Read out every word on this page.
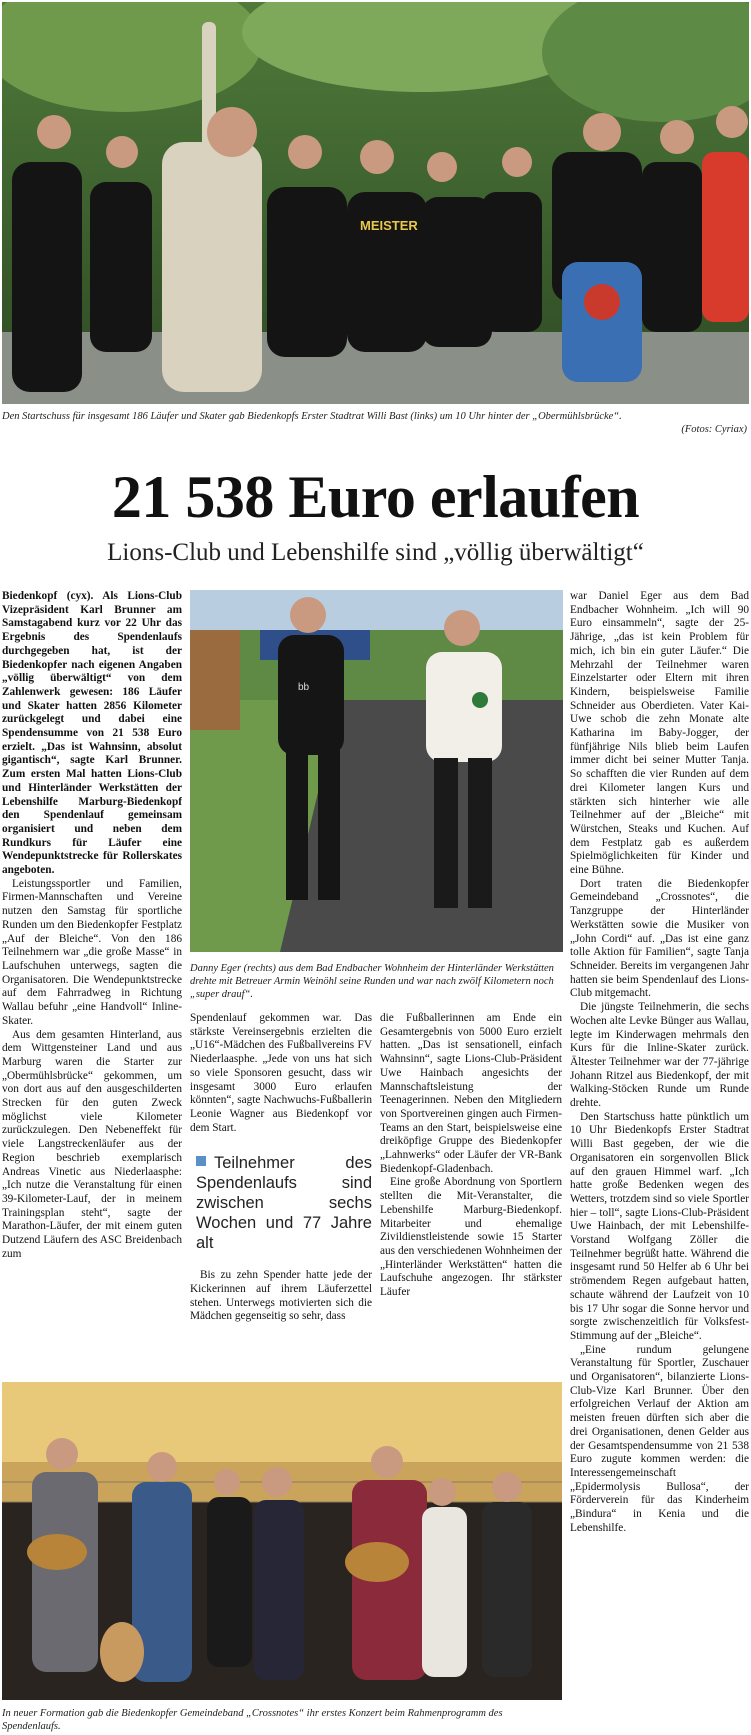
MEISTER
Den Startschuss für insgesamt 186 Läufer und Skater gab Biedenkopfs Erster Stadtrat Willi Bast (links) um 10 Uhr hinter der „Obermühlsbrücke“.
(Fotos: Cyriax)
21 538 Euro erlaufen
Lions-Club und Lebenshilfe sind „völlig überwältigt“

Biedenkopf (cyx). Als Lions-Club Vizepräsident Karl Brunner am Samstagabend kurz vor 22 Uhr das Ergebnis des Spendenlaufs durchgegeben hat, ist der Biedenkopfer nach eigenen Angaben „völlig überwältigt“ von dem Zahlenwerk gewesen: 186 Läufer und Skater hatten 2856 Kilometer zurückgelegt und dabei eine Spendensumme von 21 538 Euro erzielt. „Das ist Wahnsinn, absolut gigantisch“, sagte Karl Brunner. Zum ersten Mal hatten Lions-Club und Hinterländer Werkstätten der Lebenshilfe Marburg-Biedenkopf den Spendenlauf gemeinsam organisiert und neben dem Rundkurs für Läufer eine Wendepunktstrecke für Rollerskates angeboten.

Leistungssportler und Familien, Firmen-Mannschaften und Vereine nutzen den Samstag für sportliche Runden um den Biedenkopfer Festplatz „Auf der Bleiche“. Von den 186 Teilnehmern war „die große Masse“ in Laufschuhen unterwegs, sagten die Organisatoren. Die Wendepunktstrecke auf dem Fahrradweg in Richtung Wallau befuhr „eine Handvoll“ Inline-Skater.

Aus dem gesamten Hinterland, aus dem Wittgensteiner Land und aus Marburg waren die Starter zur „Obermühlsbrücke“ gekommen, um von dort aus auf den ausgeschilderten Strecken für den guten Zweck möglichst viele Kilometer zurückzulegen. Den Nebeneffekt für viele Langstreckenläufer aus der Region beschrieb exemplarisch Andreas Vinetic aus Niederlaasphe: „Ich nutze die Veranstaltung für einen 39-Kilometer-Lauf, der in meinem Trainingsplan steht“, sagte der Marathon-Läufer, der mit einem guten Dutzend Läufern des ASC Breidenbach zum

bb
Danny Eger (rechts) aus dem Bad Endbacher Wohnheim der Hinterländer Werkstätten drehte mit Betreuer Armin Weinöhl seine Runden und war nach zwölf Kilometern noch „super drauf“.

Spendenlauf gekommen war. Das stärkste Vereinsergebnis erzielten die „U16“-Mädchen des Fußballvereins FV Niederlaasphe. „Jede von uns hat sich so viele Sponsoren gesucht, dass wir insgesamt 3000 Euro erlaufen könnten“, sagte Nachwuchs-Fußballerin Leonie Wagner aus Biedenkopf vor dem Start.

Teilnehmer des Spendenlaufs sind zwischen sechs Wochen und 77 Jahre alt

Bis zu zehn Spender hatte jede der Kickerinnen auf ihrem Läuferzettel stehen. Unterwegs motivierten sich die Mädchen gegenseitig so sehr, dass

die Fußballerinnen am Ende ein Gesamtergebnis von 5000 Euro erzielt hatten. „Das ist sensationell, einfach Wahnsinn“, sagte Lions-Club-Präsident Uwe Hainbach angesichts der Mannschaftsleistung der Teenagerinnen. Neben den Mitgliedern von Sportvereinen gingen auch Firmen-Teams an den Start, beispielsweise eine dreiköpfige Gruppe des Biedenkopfer „Lahnwerks“ oder Läufer der VR-Bank Biedenkopf-Gladenbach.

Eine große Abordnung von Sportlern stellten die Mit-Veranstalter, die Lebenshilfe Marburg-Biedenkopf. Mitarbeiter und ehemalige Zivildienstleistende sowie 15 Starter aus den verschiedenen Wohnheimen der „Hinterländer Werkstätten“ hatten die Laufschuhe angezogen. Ihr stärkster Läufer

war Daniel Eger aus dem Bad Endbacher Wohnheim. „Ich will 90 Euro einsammeln“, sagte der 25-Jährige, „das ist kein Problem für mich, ich bin ein guter Läufer.“ Die Mehrzahl der Teilnehmer waren Einzelstarter oder Eltern mit ihren Kindern, beispielsweise Familie Schneider aus Oberdieten. Vater Kai-Uwe schob die zehn Monate alte Katharina im Baby-Jogger, der fünfjährige Nils blieb beim Laufen immer dicht bei seiner Mutter Tanja. So schafften die vier Runden auf dem drei Kilometer langen Kurs und stärkten sich hinterher wie alle Teilnehmer auf der „Bleiche“ mit Würstchen, Steaks und Kuchen. Auf dem Festplatz gab es außerdem Spielmöglichkeiten für Kinder und eine Bühne.

Dort traten die Biedenkopfer Gemeindeband „Crossnotes“, die Tanzgruppe der Hinterländer Werkstätten sowie die Musiker von „John Cordi“ auf. „Das ist eine ganz tolle Aktion für Familien“, sagte Tanja Schneider. Bereits im vergangenen Jahr hatten sie beim Spendenlauf des Lions-Club mitgemacht.

Die jüngste Teilnehmerin, die sechs Wochen alte Levke Bünger aus Wallau, legte im Kinderwagen mehrmals den Kurs für die Inline-Skater zurück. Ältester Teilnehmer war der 77-jährige Johann Ritzel aus Biedenkopf, der mit Walking-Stöcken Runde um Runde drehte.

Den Startschuss hatte pünktlich um 10 Uhr Biedenkopfs Erster Stadtrat Willi Bast gegeben, der wie die Organisatoren ein sorgenvollen Blick auf den grauen Himmel warf. „Ich hatte große Bedenken wegen des Wetters, trotzdem sind so viele Sportler hier – toll“, sagte Lions-Club-Präsident Uwe Hainbach, der mit Lebenshilfe-Vorstand Wolfgang Zöller die Teilnehmer begrüßt hatte. Während die insgesamt rund 50 Helfer ab 6 Uhr bei strömendem Regen aufgebaut hatten, schaute während der Laufzeit von 10 bis 17 Uhr sogar die Sonne hervor und sorgte zwischenzeitlich für Volksfest-Stimmung auf der „Bleiche“.

„Eine rundum gelungene Veranstaltung für Sportler, Zuschauer und Organisatoren“, bilanzierte Lions-Club-Vize Karl Brunner. Über den erfolgreichen Verlauf der Aktion am meisten freuen dürften sich aber die drei Organisationen, denen Gelder aus der Gesamtspendensumme von 21 538 Euro zugute kommen werden: die Interessengemeinschaft „Epidermolysis Bullosa“, der Förderverein für das Kinderheim „Bindura“ in Kenia und die Lebenshilfe.

In neuer Formation gab die Biedenkopfer Gemeindeband „Crossnotes“ ihr erstes Konzert beim Rahmenprogramm des Spendenlaufs.
